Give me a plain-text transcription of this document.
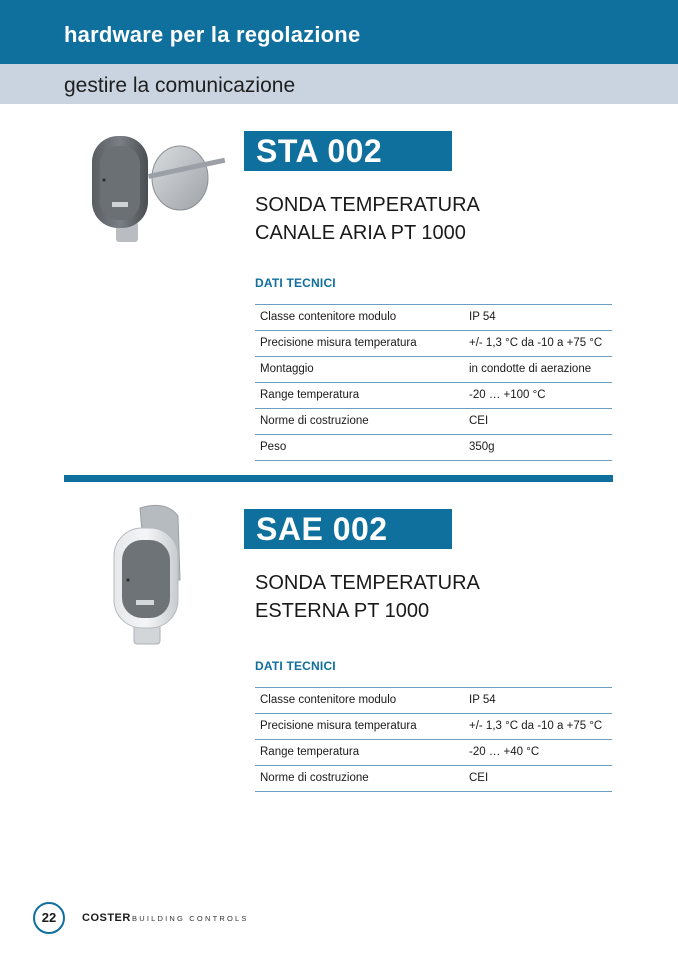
hardware per la regolazione
gestire la comunicazione
STA 002
SONDA TEMPERATURA
CANALE ARIA PT 1000
DATI TECNICI
Classe contenitore modulo	IP 54
Precisione misura temperatura	+/- 1,3 °C da -10 a +75 °C
Montaggio	in condotte di aerazione
Range temperatura	-20 … +100 °C
Norme di costruzione	CEI
Peso	350g
SAE 002
SONDA TEMPERATURA
ESTERNA PT 1000
DATI TECNICI
Classe contenitore modulo	IP 54
Precisione misura temperatura	+/- 1,3 °C da -10 a +75 °C
Range temperatura	-20 … +40 °C
Norme di costruzione	CEI
22	COSTER BUILDING CONTROLS
